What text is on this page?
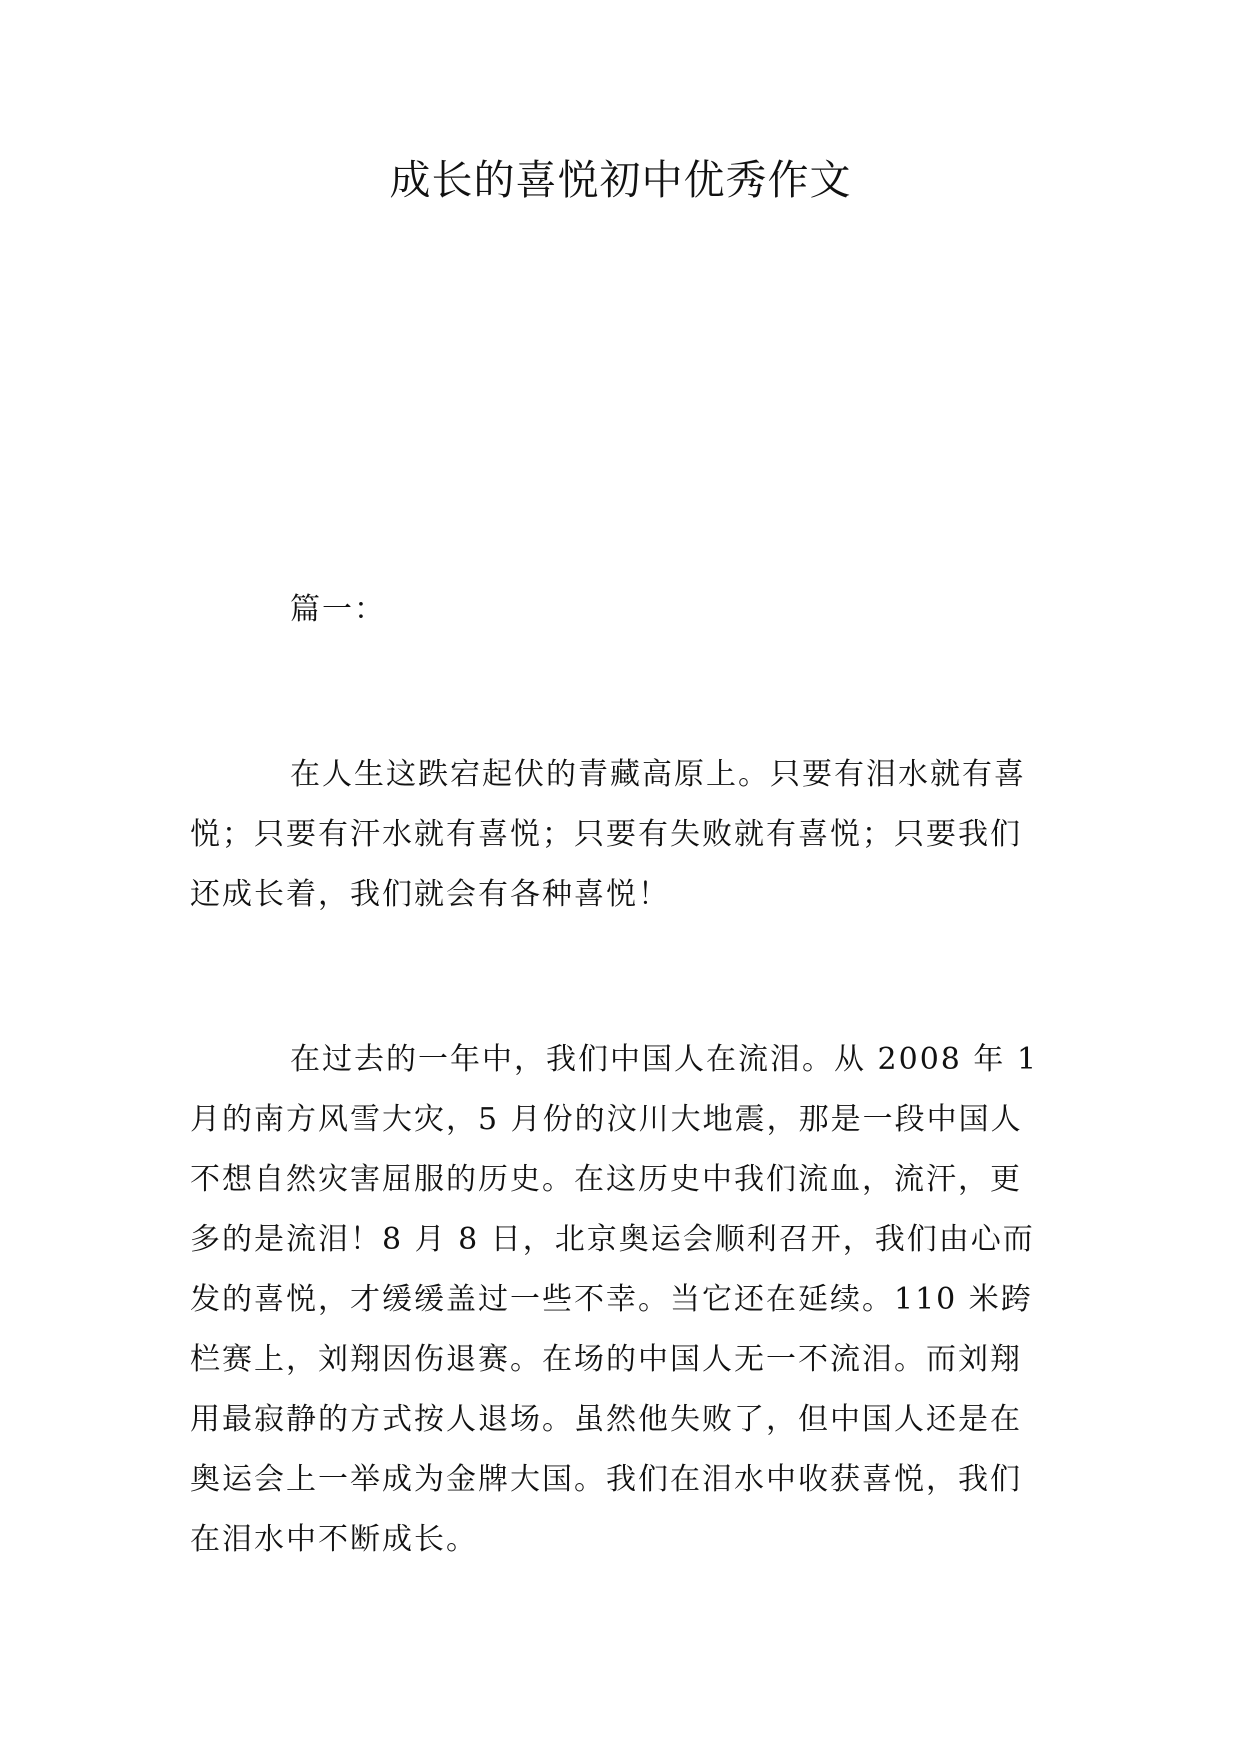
成长的喜悦初中优秀作文

篇一：

在人生这跌宕起伏的青藏高原上。只要有泪水就有喜
悦；只要有汗水就有喜悦；只要有失败就有喜悦；只要我们
还成长着，我们就会有各种喜悦！

在过去的一年中，我们中国人在流泪。从 2008 年 1
月的南方风雪大灾，5 月份的汶川大地震，那是一段中国人
不想自然灾害屈服的历史。在这历史中我们流血，流汗，更
多的是流泪！8 月 8 日，北京奥运会顺利召开，我们由心而
发的喜悦，才缓缓盖过一些不幸。当它还在延续。110 米跨
栏赛上，刘翔因伤退赛。在场的中国人无一不流泪。而刘翔
用最寂静的方式按人退场。虽然他失败了，但中国人还是在
奥运会上一举成为金牌大国。我们在泪水中收获喜悦，我们
在泪水中不断成长。
